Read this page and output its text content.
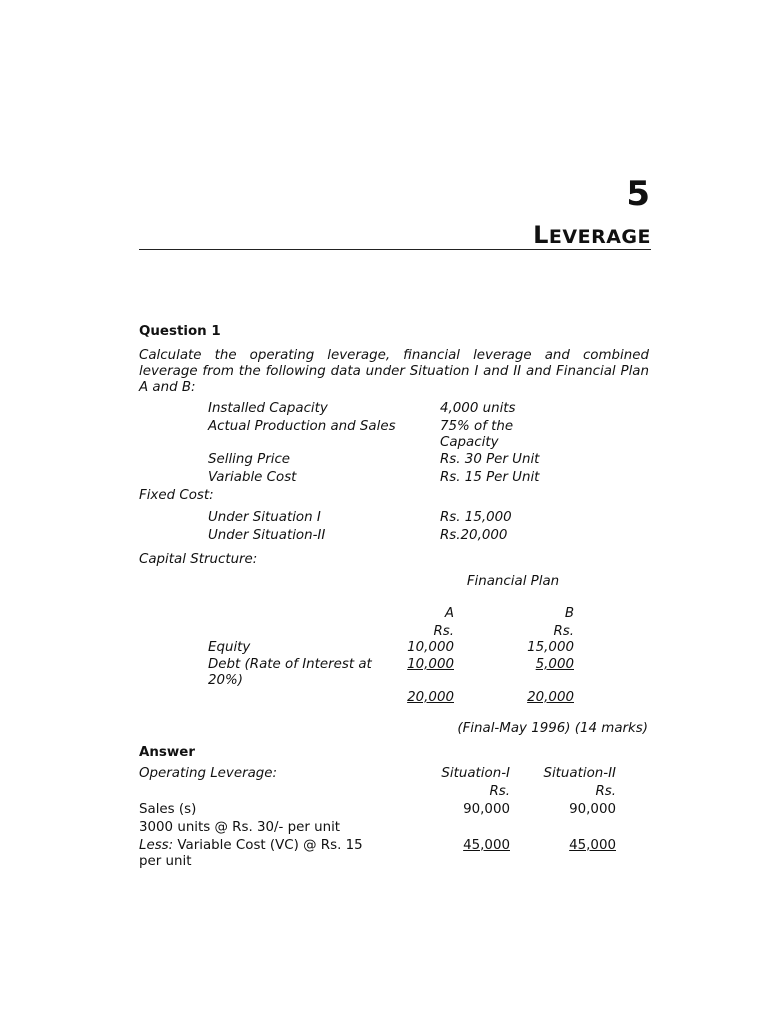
5
LEVERAGE
Question 1
Calculate the operating leverage, financial leverage and combined leverage from the following data under Situation I and II and Financial Plan A and B:
Installed Capacity	4,000 units
Actual Production and Sales	75% of the Capacity
Selling Price	Rs. 30 Per Unit
Variable Cost	Rs. 15 Per Unit
Fixed Cost:
Under Situation I	Rs. 15,000
Under Situation-II	Rs.20,000
Capital Structure:
Financial Plan
A	B
Rs.	Rs.
Equity	10,000	15,000
Debt (Rate of Interest at 20%)
10,000	5,000
20,000	20,000
(Final-May 1996) (14 marks)
Answer
Operating Leverage:	Situation-I	Situation-II
Rs.	Rs.
Sales (s)	90,000	90,000
3000 units @ Rs. 30/- per unit
Less: Variable Cost (VC) @ Rs. 15 per unit
45,000	45,000
